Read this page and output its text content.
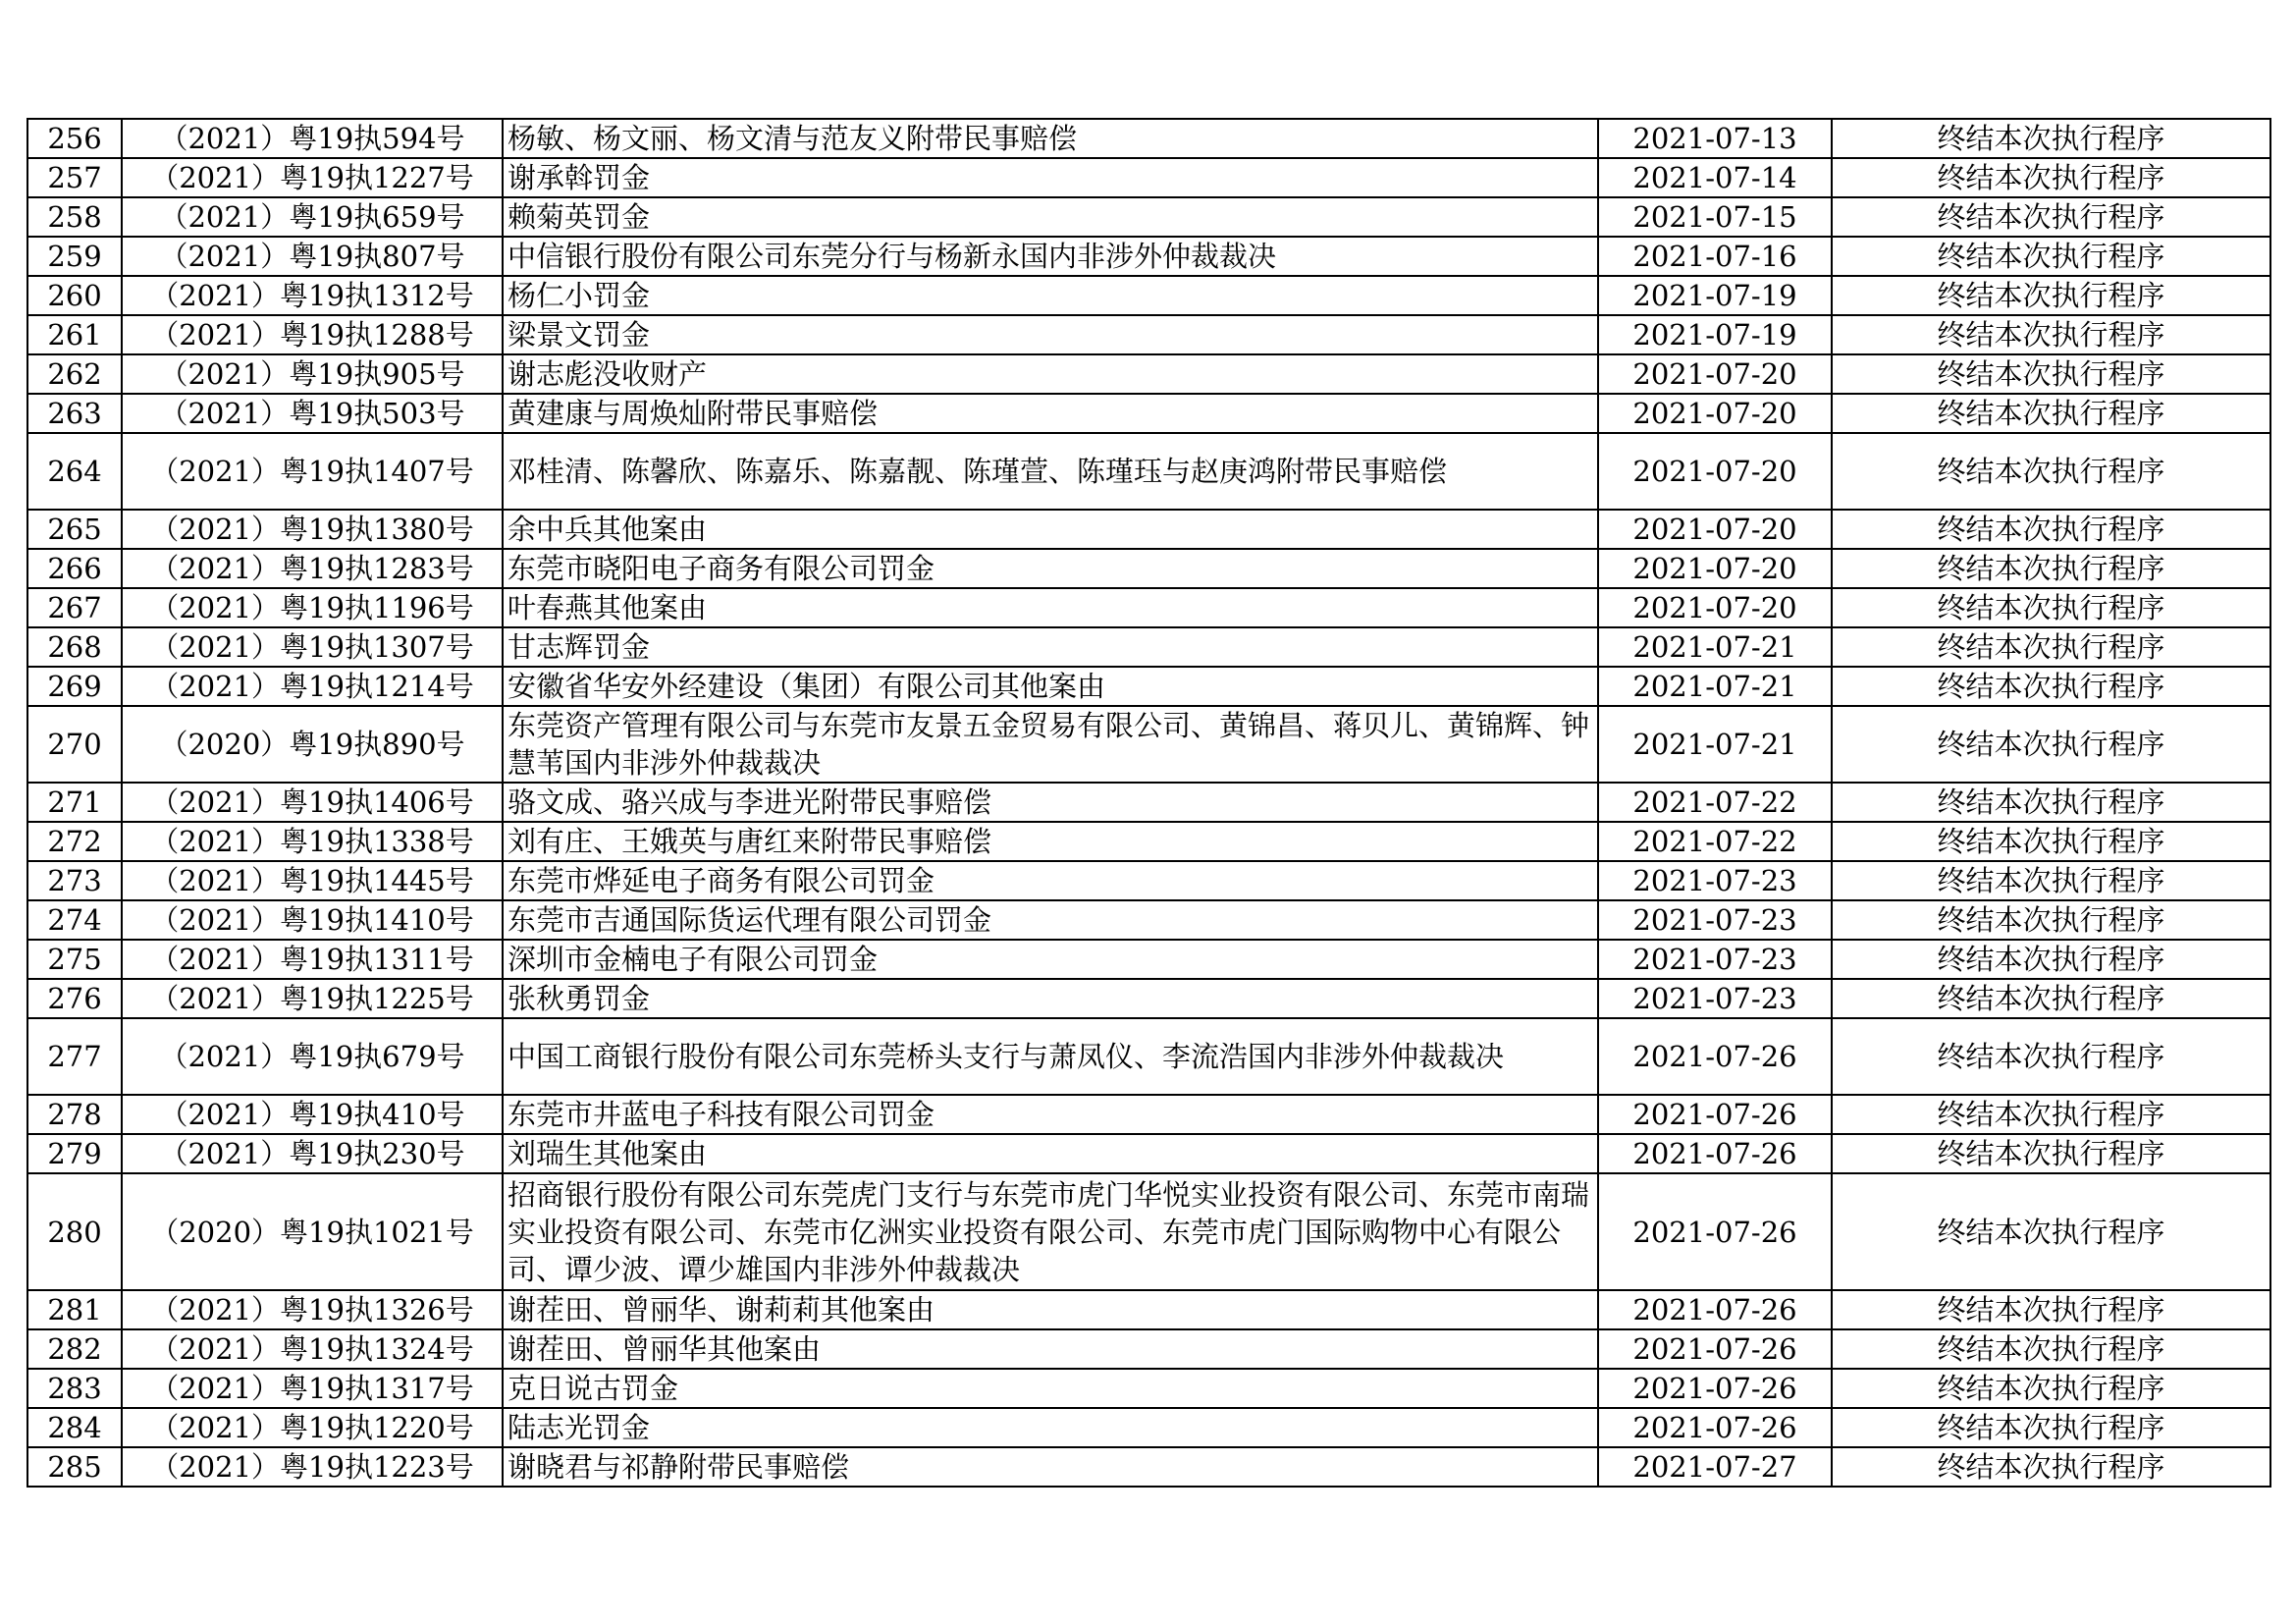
256	（2021）粤19执594号	杨敏、杨文丽、杨文清与范友义附带民事赔偿	2021-07-13	终结本次执行程序
257	（2021）粤19执1227号	谢承斡罚金	2021-07-14	终结本次执行程序
258	（2021）粤19执659号	赖菊英罚金	2021-07-15	终结本次执行程序
259	（2021）粤19执807号	中信银行股份有限公司东莞分行与杨新永国内非涉外仲裁裁决	2021-07-16	终结本次执行程序
260	（2021）粤19执1312号	杨仁小罚金	2021-07-19	终结本次执行程序
261	（2021）粤19执1288号	梁景文罚金	2021-07-19	终结本次执行程序
262	（2021）粤19执905号	谢志彪没收财产	2021-07-20	终结本次执行程序
263	（2021）粤19执503号	黄建康与周焕灿附带民事赔偿	2021-07-20	终结本次执行程序
264	（2021）粤19执1407号	邓桂清、陈馨欣、陈嘉乐、陈嘉靓、陈瑾萱、陈瑾珏与赵庚鸿附带民事赔偿	2021-07-20	终结本次执行程序
265	（2021）粤19执1380号	余中兵其他案由	2021-07-20	终结本次执行程序
266	（2021）粤19执1283号	东莞市晓阳电子商务有限公司罚金	2021-07-20	终结本次执行程序
267	（2021）粤19执1196号	叶春燕其他案由	2021-07-20	终结本次执行程序
268	（2021）粤19执1307号	甘志辉罚金	2021-07-21	终结本次执行程序
269	（2021）粤19执1214号	安徽省华安外经建设（集团）有限公司其他案由	2021-07-21	终结本次执行程序
270	（2020）粤19执890号	东莞资产管理有限公司与东莞市友景五金贸易有限公司、黄锦昌、蒋贝儿、黄锦辉、钟慧苇国内非涉外仲裁裁决	2021-07-21	终结本次执行程序
271	（2021）粤19执1406号	骆文成、骆兴成与李进光附带民事赔偿	2021-07-22	终结本次执行程序
272	（2021）粤19执1338号	刘有庄、王娥英与唐红来附带民事赔偿	2021-07-22	终结本次执行程序
273	（2021）粤19执1445号	东莞市烨延电子商务有限公司罚金	2021-07-23	终结本次执行程序
274	（2021）粤19执1410号	东莞市吉通国际货运代理有限公司罚金	2021-07-23	终结本次执行程序
275	（2021）粤19执1311号	深圳市金楠电子有限公司罚金	2021-07-23	终结本次执行程序
276	（2021）粤19执1225号	张秋勇罚金	2021-07-23	终结本次执行程序
277	（2021）粤19执679号	中国工商银行股份有限公司东莞桥头支行与萧凤仪、李流浩国内非涉外仲裁裁决	2021-07-26	终结本次执行程序
278	（2021）粤19执410号	东莞市井蓝电子科技有限公司罚金	2021-07-26	终结本次执行程序
279	（2021）粤19执230号	刘瑞生其他案由	2021-07-26	终结本次执行程序
280	（2020）粤19执1021号	招商银行股份有限公司东莞虎门支行与东莞市虎门华悦实业投资有限公司、东莞市南瑞实业投资有限公司、东莞市亿洲实业投资有限公司、东莞市虎门国际购物中心有限公司、谭少波、谭少雄国内非涉外仲裁裁决	2021-07-26	终结本次执行程序
281	（2021）粤19执1326号	谢茬田、曾丽华、谢莉莉其他案由	2021-07-26	终结本次执行程序
282	（2021）粤19执1324号	谢茬田、曾丽华其他案由	2021-07-26	终结本次执行程序
283	（2021）粤19执1317号	克日说古罚金	2021-07-26	终结本次执行程序
284	（2021）粤19执1220号	陆志光罚金	2021-07-26	终结本次执行程序
285	（2021）粤19执1223号	谢晓君与祁静附带民事赔偿	2021-07-27	终结本次执行程序
